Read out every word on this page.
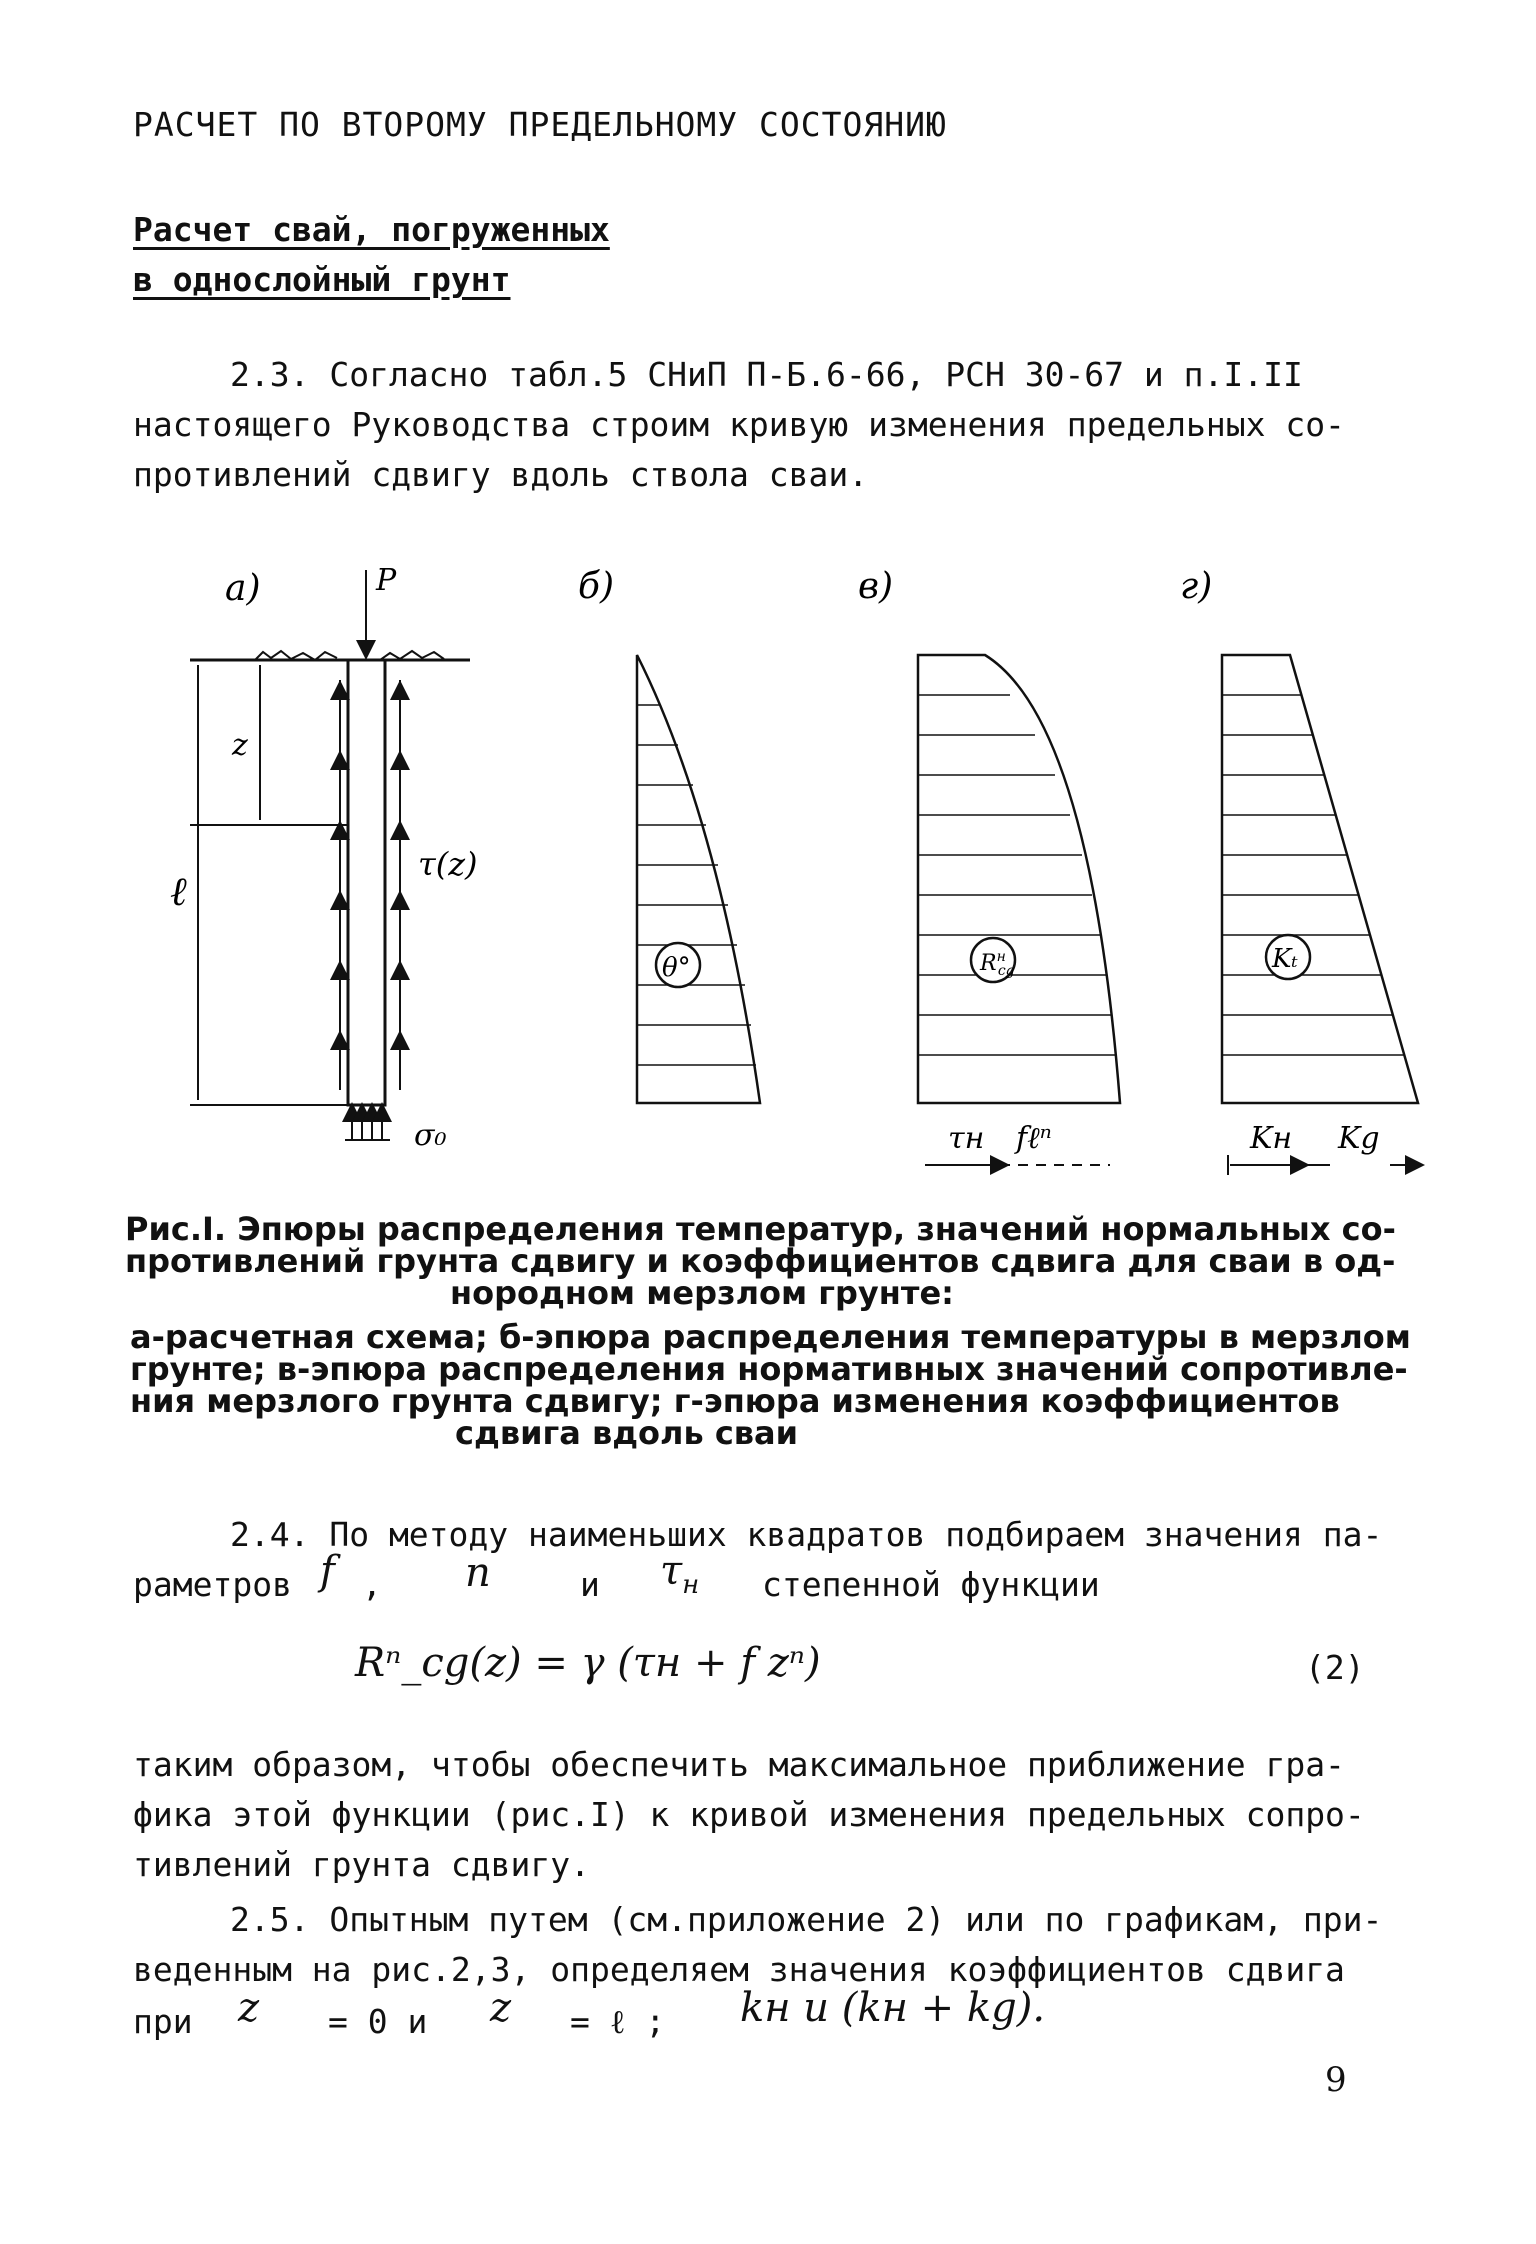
РАСЧЕТ ПО ВТОРОМУ ПРЕДЕЛЬНОМУ СОСТОЯНИЮ
Расчет свай, погруженных
в однослойный грунт
2.3. Согласно табл.5 СНиП П-Б.6-66, РСН 30-67 и п.I.II
настоящего Руководства строим кривую изменения предельных со-
противлений сдвигу вдоль ствола сваи.
а)	б)	в)	г)
P
z
ℓ
τ(z)
σ₀
θ°	$R^н$ сg
τн fℓⁿ
Kₜ
Kн Kg
Рис.I. Эпюры распределения температур, значений нормальных со-
противлений грунта сдвигу и коэффициентов сдвига для сваи в од-
нородном мерзлом грунте:
а-расчетная схема; б-эпюра распределения температуры в мерзлом
грунте; в-эпюра распределения нормативных значений сопротивле-
ния мерзлого грунта сдвигу; г-эпюра изменения коэффициентов
сдвига вдоль сваи
2.4. По методу наименьших квадратов подбираем значения па-
раметров f , n	и $\tau_н$ степенной функции
Rⁿ_cg(z) = γ (τн + f zⁿ)	(2)
таким образом, чтобы обеспечить максимальное приближение гра-
фика этой функции (рис.I) к кривой изменения предельных сопро-
тивлений грунта сдвигу.
2.5. Опытным путем (см.приложение 2) или по графикам, при-
веденным на рис.2,3, определяем значения коэффициентов сдвига
при z = 0 и z = ℓ ; kн и (kн + kg).
9
